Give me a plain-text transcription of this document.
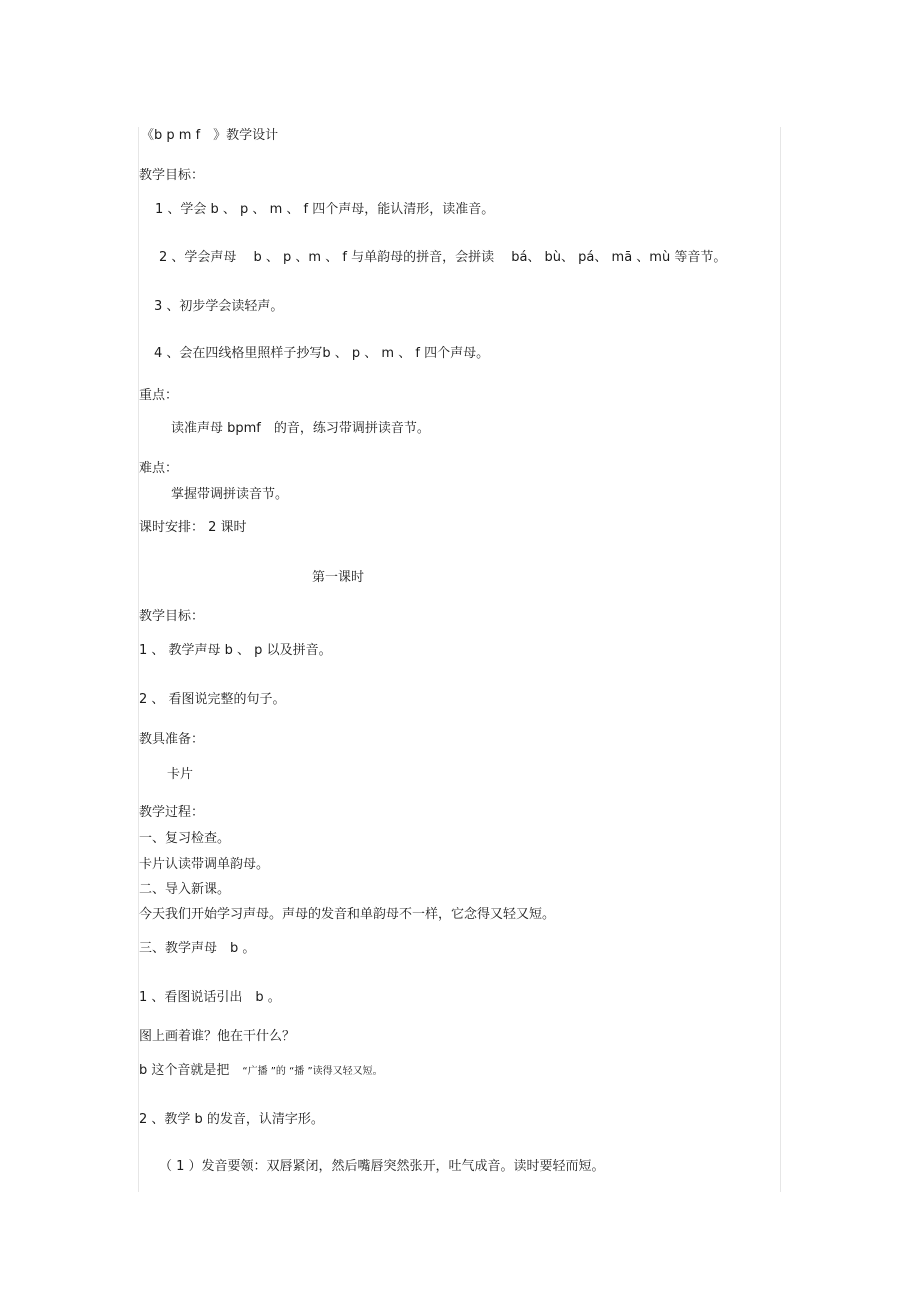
《b p m f　》教学设计
教学目标：
1 、学会 b 、 p 、 m 、 f 四个声母，能认清形，读准音。
2 、学会声母　 b 、 p 、m 、 f 与单韵母的拼音，会拼读　 bá、 bù、 pá、 mā 、mù 等音节。
3 、初步学会读轻声。
4 、会在四线格里照样子抄写b 、 p 、 m 、 f 四个声母。
重点：
读准声母 bpmf　的音，练习带调拼读音节。
难点：
掌握带调拼读音节。
课时安排： 2 课时
第一课时
教学目标：
1 、 教学声母 b 、 p 以及拼音。
2 、 看图说完整的句子。
教具准备：
卡片
教学过程：
一、复习检查。
卡片认读带调单韵母。
二、导入新课。
今天我们开始学习声母。声母的发音和单韵母不一样，它念得又轻又短。
三、教学声母　b 。
1 、看图说话引出　b 。
图上画着谁？他在干什么？
b 这个音就是把　“广播 ”的 “播 ”读得又轻又短。
2 、教学 b 的发音，认清字形。
（ 1 ）发音要领：双唇紧闭，然后嘴唇突然张开，吐气成音。读时要轻而短。
